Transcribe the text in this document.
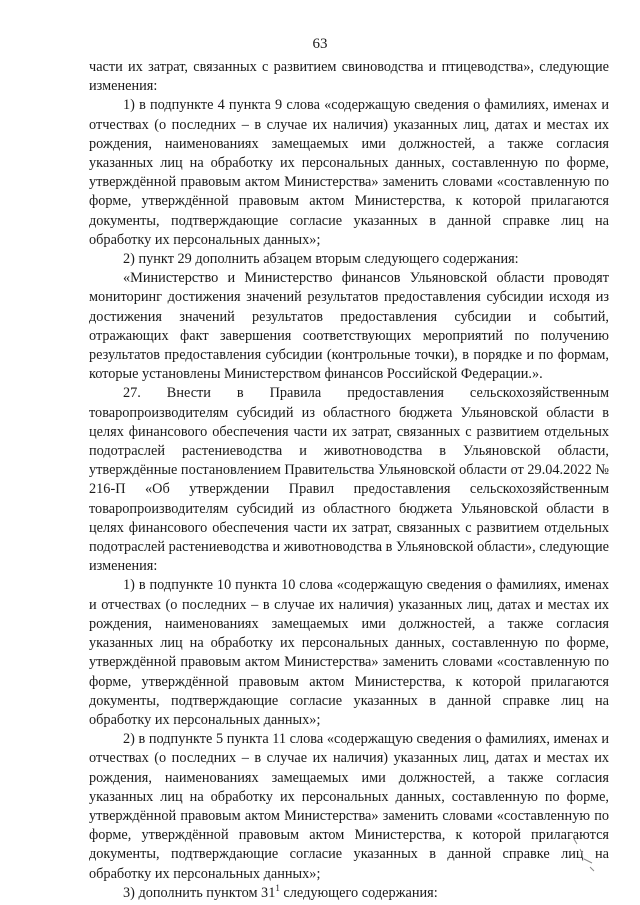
63

части их затрат, связанных с развитием свиноводства и птицеводства», следующие изменения:

1) в подпункте 4 пункта 9 слова «содержащую сведения о фамилиях, именах и отчествах (о последних – в случае их наличия) указанных лиц, датах и местах их рождения, наименованиях замещаемых ими должностей, а также согласия указанных лиц на обработку их персональных данных, составленную по форме, утверждённой правовым актом Министерства» заменить словами «составленную по форме, утверждённой правовым актом Министерства, к которой прилагаются документы, подтверждающие согласие указанных в данной справке лиц на обработку их персональных данных»;

2) пункт 29 дополнить абзацем вторым следующего содержания:

«Министерство и Министерство финансов Ульяновской области проводят мониторинг достижения значений результатов предоставления субсидии исходя из достижения значений результатов предоставления субсидии и событий, отражающих факт завершения соответствующих мероприятий по получению результатов предоставления субсидии (контрольные точки), в порядке и по формам, которые установлены Министерством финансов Российской Федерации.».

27. Внести в Правила предоставления сельскохозяйственным товаропроизводителям субсидий из областного бюджета Ульяновской области в целях финансового обеспечения части их затрат, связанных с развитием отдельных подотраслей растениеводства и животноводства в Ульяновской области, утверждённые постановлением Правительства Ульяновской области от 29.04.2022 № 216-П «Об утверждении Правил предоставления сельскохозяйственным товаропроизводителям субсидий из областного бюджета Ульяновской области в целях финансового обеспечения части их затрат, связанных с развитием отдельных подотраслей растениеводства и животноводства в Ульяновской области», следующие изменения:

1) в подпункте 10 пункта 10 слова «содержащую сведения о фамилиях, именах и отчествах (о последних – в случае их наличия) указанных лиц, датах и местах их рождения, наименованиях замещаемых ими должностей, а также согласия указанных лиц на обработку их персональных данных, составленную по форме, утверждённой правовым актом Министерства» заменить словами «составленную по форме, утверждённой правовым актом Министерства, к которой прилагаются документы, подтверждающие согласие указанных в данной справке лиц на обработку их персональных данных»;

2) в подпункте 5 пункта 11 слова «содержащую сведения о фамилиях, именах и отчествах (о последних – в случае их наличия) указанных лиц, датах и местах их рождения, наименованиях замещаемых ими должностей, а также согласия указанных лиц на обработку их персональных данных, составленную по форме, утверждённой правовым актом Министерства» заменить словами «составленную по форме, утверждённой правовым актом Министерства, к которой прилагаются документы, подтверждающие согласие указанных в данной справке лиц на обработку их персональных данных»;

3) дополнить пунктом $31^1$ следующего содержания:
